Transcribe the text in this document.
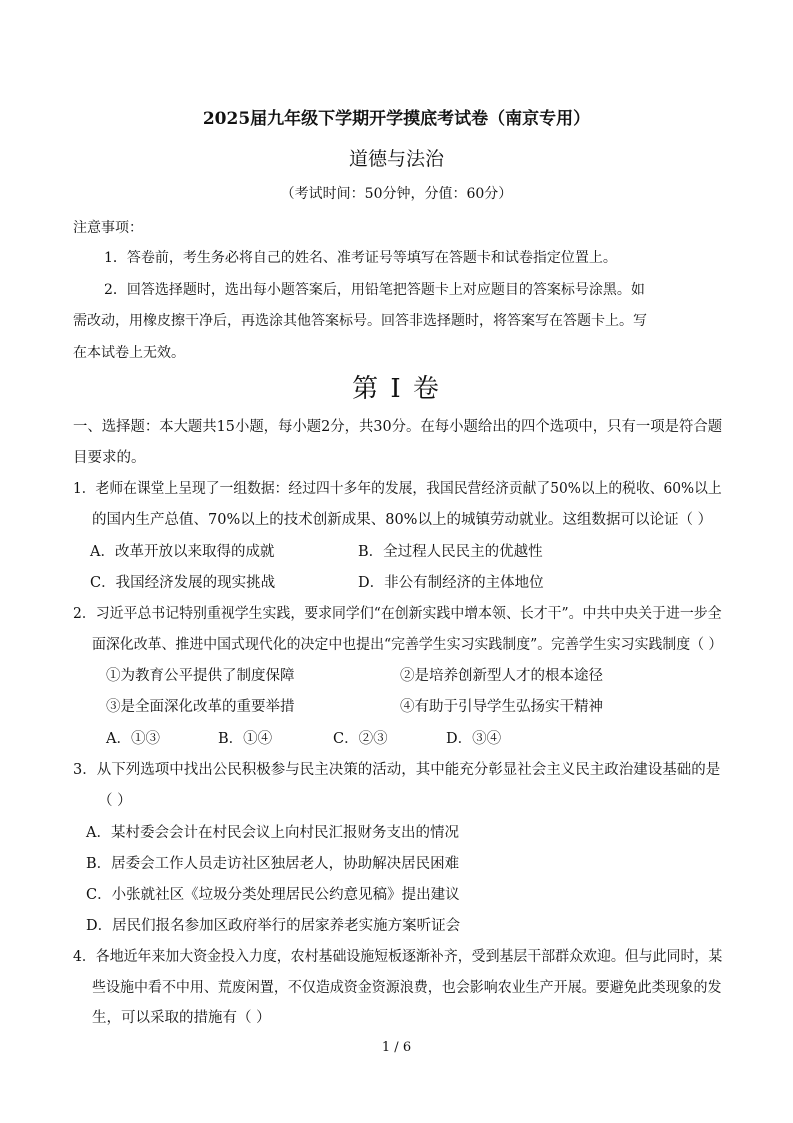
2025届九年级下学期开学摸底考试卷（南京专用）
道德与法治
（考试时间：50分钟，分值：60分）
注意事项：
1．答卷前，考生务必将自己的姓名、准考证号等填写在答题卡和试卷指定位置上。
2．回答选择题时，选出每小题答案后，用铅笔把答题卡上对应题目的答案标号涂黑。如
需改动，用橡皮擦干净后，再选涂其他答案标号。回答非选择题时，将答案写在答题卡上。写
在本试卷上无效。
第 I 卷
一、选择题：本大题共15小题，每小题2分，共30分。在每小题给出的四个选项中，只有一项是符合题
目要求的。
1．老师在课堂上呈现了一组数据：经过四十多年的发展，我国民营经济贡献了50%以上的税收、60%以上
的国内生产总值、70%以上的技术创新成果、80%以上的城镇劳动就业。这组数据可以论证（ ）
A．改革开放以来取得的成就	B．全过程人民民主的优越性
C．我国经济发展的现实挑战	D．非公有制经济的主体地位
2．习近平总书记特别重视学生实践，要求同学们“在创新实践中增本领、长才干”。中共中央关于进一步全
面深化改革、推进中国式现代化的决定中也提出“完善学生实习实践制度”。完善学生实习实践制度（ ）
①为教育公平提供了制度保障	②是培养创新型人才的根本途径
③是全面深化改革的重要举措	④有助于引导学生弘扬实干精神
A．①③	B．①④	C．②③	D．③④
3．从下列选项中找出公民积极参与民主决策的活动，其中能充分彰显社会主义民主政治建设基础的是
（ ）
A．某村委会会计在村民会议上向村民汇报财务支出的情况
B．居委会工作人员走访社区独居老人，协助解决居民困难
C．小张就社区《垃圾分类处理居民公约意见稿》提出建议
D．居民们报名参加区政府举行的居家养老实施方案听证会
4．各地近年来加大资金投入力度，农村基础设施短板逐渐补齐，受到基层干部群众欢迎。但与此同时，某
些设施中看不中用、荒废闲置，不仅造成资金资源浪费，也会影响农业生产开展。要避免此类现象的发
生，可以采取的措施有（ ）
1 / 6
